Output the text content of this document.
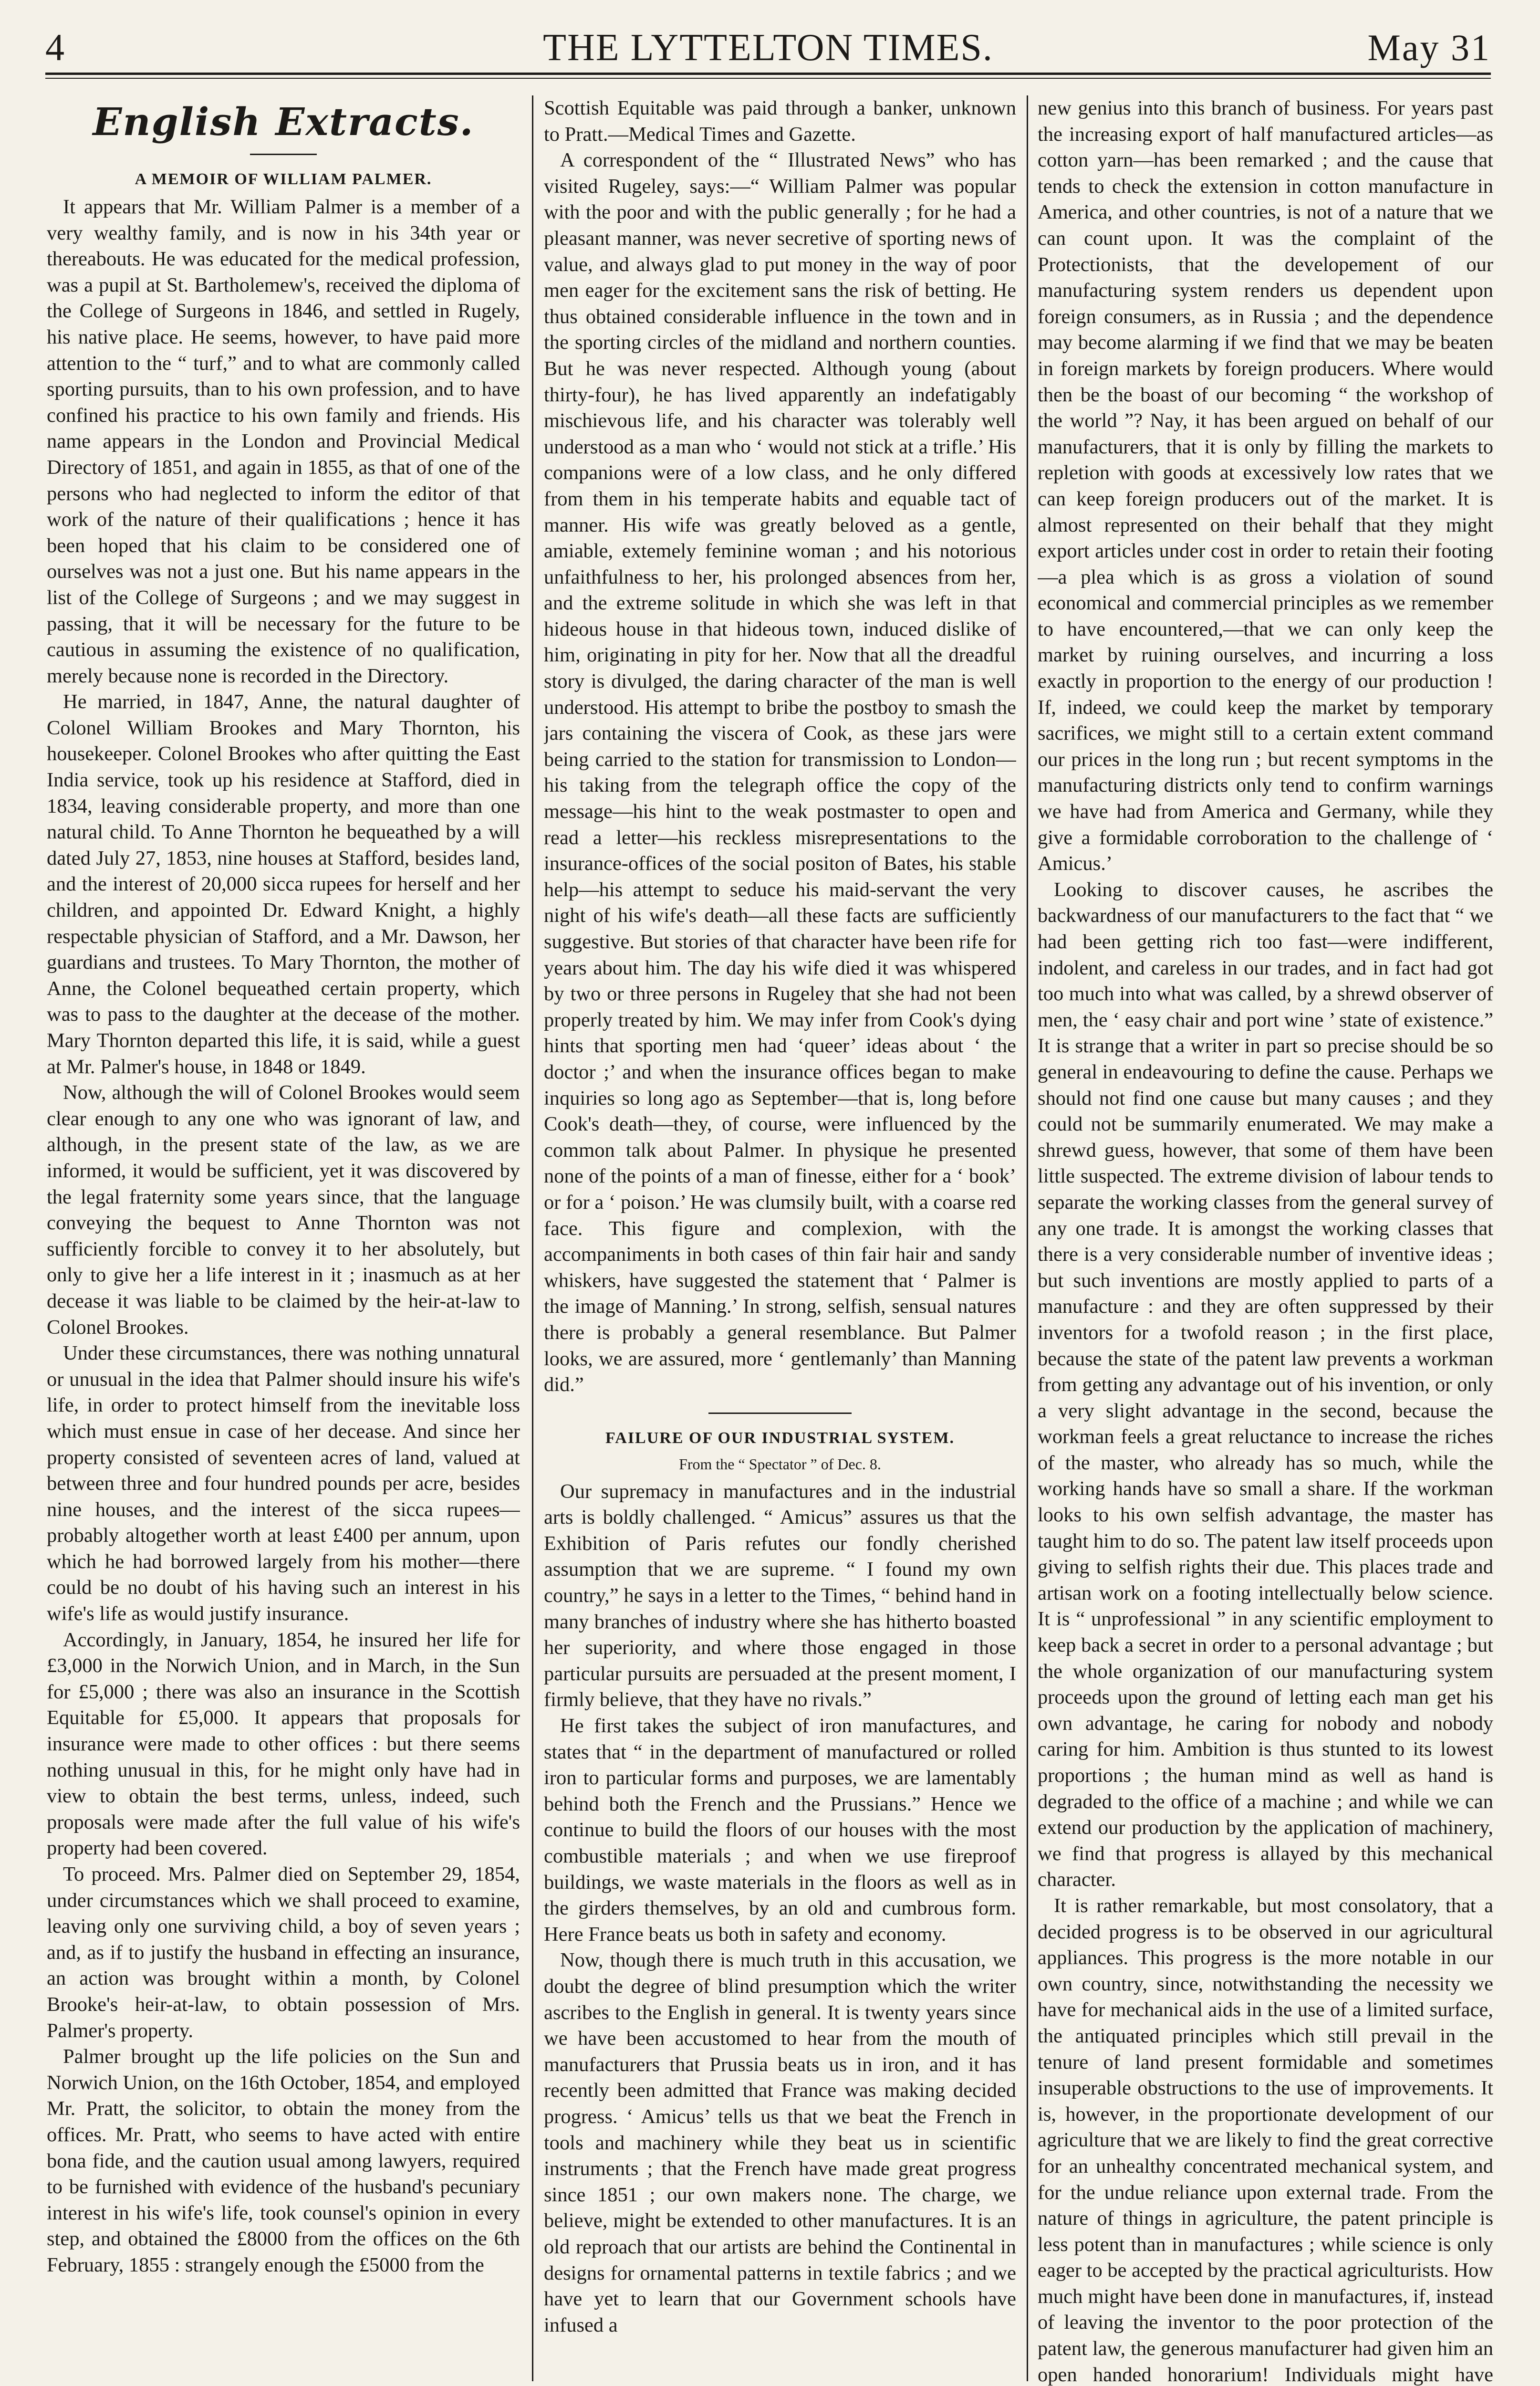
4	THE LYTTELTON TIMES.	May 31
English Extracts.
A MEMOIR OF WILLIAM PALMER.

It appears that Mr. William Palmer is a member of a very wealthy family, and is now in his 34th year or thereabouts. He was educated for the medical profession, was a pupil at St. Bartholemew's, received the diploma of the College of Surgeons in 1846, and settled in Rugely, his native place. He seems, however, to have paid more attention to the “ turf,” and to what are commonly called sporting pursuits, than to his own profession, and to have confined his practice to his own family and friends. His name appears in the London and Provincial Medical Directory of 1851, and again in 1855, as that of one of the persons who had neglected to inform the editor of that work of the nature of their qualifications ; hence it has been hoped that his claim to be considered one of ourselves was not a just one. But his name appears in the list of the College of Surgeons ; and we may suggest in passing, that it will be necessary for the future to be cautious in assuming the existence of no qualification, merely because none is recorded in the Directory.

He married, in 1847, Anne, the natural daughter of Colonel William Brookes and Mary Thornton, his housekeeper. Colonel Brookes who after quitting the East India service, took up his residence at Stafford, died in 1834, leaving considerable property, and more than one natural child. To Anne Thornton he bequeathed by a will dated July 27, 1853, nine houses at Stafford, besides land, and the interest of 20,000 sicca rupees for herself and her children, and appointed Dr. Edward Knight, a highly respectable physician of Stafford, and a Mr. Dawson, her guardians and trustees. To Mary Thornton, the mother of Anne, the Colonel bequeathed certain property, which was to pass to the daughter at the decease of the mother. Mary Thornton departed this life, it is said, while a guest at Mr. Palmer's house, in 1848 or 1849.

Now, although the will of Colonel Brookes would seem clear enough to any one who was ignorant of law, and although, in the present state of the law, as we are informed, it would be sufficient, yet it was discovered by the legal fraternity some years since, that the language conveying the bequest to Anne Thornton was not sufficiently forcible to convey it to her absolutely, but only to give her a life interest in it ; inasmuch as at her decease it was liable to be claimed by the heir-at-law to Colonel Brookes.

Under these circumstances, there was nothing unnatural or unusual in the idea that Palmer should insure his wife's life, in order to protect himself from the inevitable loss which must ensue in case of her decease. And since her property consisted of seventeen acres of land, valued at between three and four hundred pounds per acre, besides nine houses, and the interest of the sicca rupees—probably altogether worth at least £400 per annum, upon which he had borrowed largely from his mother—there could be no doubt of his having such an interest in his wife's life as would justify insurance.

Accordingly, in January, 1854, he insured her life for £3,000 in the Norwich Union, and in March, in the Sun for £5,000 ; there was also an insurance in the Scottish Equitable for £5,000. It appears that proposals for insurance were made to other offices : but there seems nothing unusual in this, for he might only have had in view to obtain the best terms, unless, indeed, such proposals were made after the full value of his wife's property had been covered.

To proceed. Mrs. Palmer died on September 29, 1854, under circumstances which we shall proceed to examine, leaving only one surviving child, a boy of seven years ; and, as if to justify the husband in effecting an insurance, an action was brought within a month, by Colonel Brooke's heir-at-law, to obtain possession of Mrs. Palmer's property.

Palmer brought up the life policies on the Sun and Norwich Union, on the 16th October, 1854, and employed Mr. Pratt, the solicitor, to obtain the money from the offices. Mr. Pratt, who seems to have acted with entire bona fide, and the caution usual among lawyers, required to be furnished with evidence of the husband's pecuniary interest in his wife's life, took counsel's opinion in every step, and obtained the £8000 from the offices on the 6th February, 1855 : strangely enough the £5000 from the

Scottish Equitable was paid through a banker, unknown to Pratt.—Medical Times and Gazette.

A correspondent of the “ Illustrated News” who has visited Rugeley, says:—“ William Palmer was popular with the poor and with the public generally ; for he had a pleasant manner, was never secretive of sporting news of value, and always glad to put money in the way of poor men eager for the excitement sans the risk of betting. He thus obtained considerable influence in the town and in the sporting circles of the midland and northern counties. But he was never respected. Although young (about thirty-four), he has lived apparently an indefatigably mischievous life, and his character was tolerably well understood as a man who ‘ would not stick at a trifle.’ His companions were of a low class, and he only differed from them in his temperate habits and equable tact of manner. His wife was greatly beloved as a gentle, amiable, extemely feminine woman ; and his notorious unfaithfulness to her, his prolonged absences from her, and the extreme solitude in which she was left in that hideous house in that hideous town, induced dislike of him, originating in pity for her. Now that all the dreadful story is divulged, the daring character of the man is well understood. His attempt to bribe the postboy to smash the jars containing the viscera of Cook, as these jars were being carried to the station for transmission to London—his taking from the telegraph office the copy of the message—his hint to the weak postmaster to open and read a letter—his reckless misrepresentations to the insurance-offices of the social positon of Bates, his stable help—his attempt to seduce his maid-servant the very night of his wife's death—all these facts are sufficiently suggestive. But stories of that character have been rife for years about him. The day his wife died it was whispered by two or three persons in Rugeley that she had not been properly treated by him. We may infer from Cook's dying hints that sporting men had ‘queer’ ideas about ‘ the doctor ;’ and when the insurance offices began to make inquiries so long ago as September—that is, long before Cook's death—they, of course, were influenced by the common talk about Palmer. In physique he presented none of the points of a man of finesse, either for a ‘ book’ or for a ‘ poison.’ He was clumsily built, with a coarse red face. This figure and complexion, with the accompaniments in both cases of thin fair hair and sandy whiskers, have suggested the statement that ‘ Palmer is the image of Manning.’ In strong, selfish, sensual natures there is probably a general resemblance. But Palmer looks, we are assured, more ‘ gentlemanly’ than Manning did.”

FAILURE OF OUR INDUSTRIAL SYSTEM.
From the “ Spectator ” of Dec. 8.

Our supremacy in manufactures and in the industrial arts is boldly challenged. “ Amicus” assures us that the Exhibition of Paris refutes our fondly cherished assumption that we are supreme. “ I found my own country,” he says in a letter to the Times, “ behind hand in many branches of industry where she has hitherto boasted her superiority, and where those engaged in those particular pursuits are persuaded at the present moment, I firmly believe, that they have no rivals.”

He first takes the subject of iron manufactures, and states that “ in the department of manufactured or rolled iron to particular forms and purposes, we are lamentably behind both the French and the Prussians.” Hence we continue to build the floors of our houses with the most combustible materials ; and when we use fireproof buildings, we waste materials in the floors as well as in the girders themselves, by an old and cumbrous form. Here France beats us both in safety and economy.

Now, though there is much truth in this accusation, we doubt the degree of blind presumption which the writer ascribes to the English in general. It is twenty years since we have been accustomed to hear from the mouth of manufacturers that Prussia beats us in iron, and it has recently been admitted that France was making decided progress. ‘ Amicus’ tells us that we beat the French in tools and machinery while they beat us in scientific instruments ; that the French have made great progress since 1851 ; our own makers none. The charge, we believe, might be extended to other manufactures. It is an old reproach that our artists are behind the Continental in designs for ornamental patterns in textile fabrics ; and we have yet to learn that our Government schools have infused a

new genius into this branch of business. For years past the increasing export of half manufactured articles—as cotton yarn—has been remarked ; and the cause that tends to check the extension in cotton manufacture in America, and other countries, is not of a nature that we can count upon. It was the complaint of the Protectionists, that the developement of our manufacturing system renders us dependent upon foreign consumers, as in Russia ; and the dependence may become alarming if we find that we may be beaten in foreign markets by foreign producers. Where would then be the boast of our becoming “ the workshop of the world ”? Nay, it has been argued on behalf of our manufacturers, that it is only by filling the markets to repletion with goods at excessively low rates that we can keep foreign producers out of the market. It is almost represented on their behalf that they might export articles under cost in order to retain their footing —a plea which is as gross a violation of sound economical and commercial principles as we remember to have encountered,—that we can only keep the market by ruining ourselves, and incurring a loss exactly in proportion to the energy of our production ! If, indeed, we could keep the market by temporary sacrifices, we might still to a certain extent command our prices in the long run ; but recent symptoms in the manufacturing districts only tend to confirm warnings we have had from America and Germany, while they give a formidable corroboration to the challenge of ‘ Amicus.’

Looking to discover causes, he ascribes the backwardness of our manufacturers to the fact that “ we had been getting rich too fast—were indifferent, indolent, and careless in our trades, and in fact had got too much into what was called, by a shrewd observer of men, the ‘ easy chair and port wine ’ state of existence.” It is strange that a writer in part so precise should be so general in endeavouring to define the cause. Perhaps we should not find one cause but many causes ; and they could not be summarily enumerated. We may make a shrewd guess, however, that some of them have been little suspected. The extreme division of labour tends to separate the working classes from the general survey of any one trade. It is amongst the working classes that there is a very considerable number of inventive ideas ; but such inventions are mostly applied to parts of a manufacture : and they are often suppressed by their inventors for a twofold reason ; in the first place, because the state of the patent law prevents a workman from getting any advantage out of his invention, or only a very slight advantage in the second, because the workman feels a great reluctance to increase the riches of the master, who already has so much, while the working hands have so small a share. If the workman looks to his own selfish advantage, the master has taught him to do so. The patent law itself proceeds upon giving to selfish rights their due. This places trade and artisan work on a footing intellectually below science. It is “ unprofessional ” in any scientific employment to keep back a secret in order to a personal advantage ; but the whole organization of our manufacturing system proceeds upon the ground of letting each man get his own advantage, he caring for nobody and nobody caring for him. Ambition is thus stunted to its lowest proportions ; the human mind as well as hand is degraded to the office of a machine ; and while we can extend our production by the application of machinery, we find that progress is allayed by this mechanical character.

It is rather remarkable, but most consolatory, that a decided progress is to be observed in our agricultural appliances. This progress is the more notable in our own country, since, notwithstanding the necessity we have for mechanical aids in the use of a limited surface, the antiquated principles which still prevail in the tenure of land present formidable and sometimes insuperable obstructions to the use of improvements. It is, however, in the proportionate development of our agriculture that we are likely to find the great corrective for an unhealthy concentrated mechanical system, and for the undue reliance upon external trade. From the nature of things in agriculture, the patent principle is less potent than in manufactures ; while science is only eager to be accepted by the practical agriculturists. How much might have been done in manufactures, if, instead of leaving the inventor to the poor protection of the patent law, the generous manufacturer had given him an open handed honorarium! Individuals might have
